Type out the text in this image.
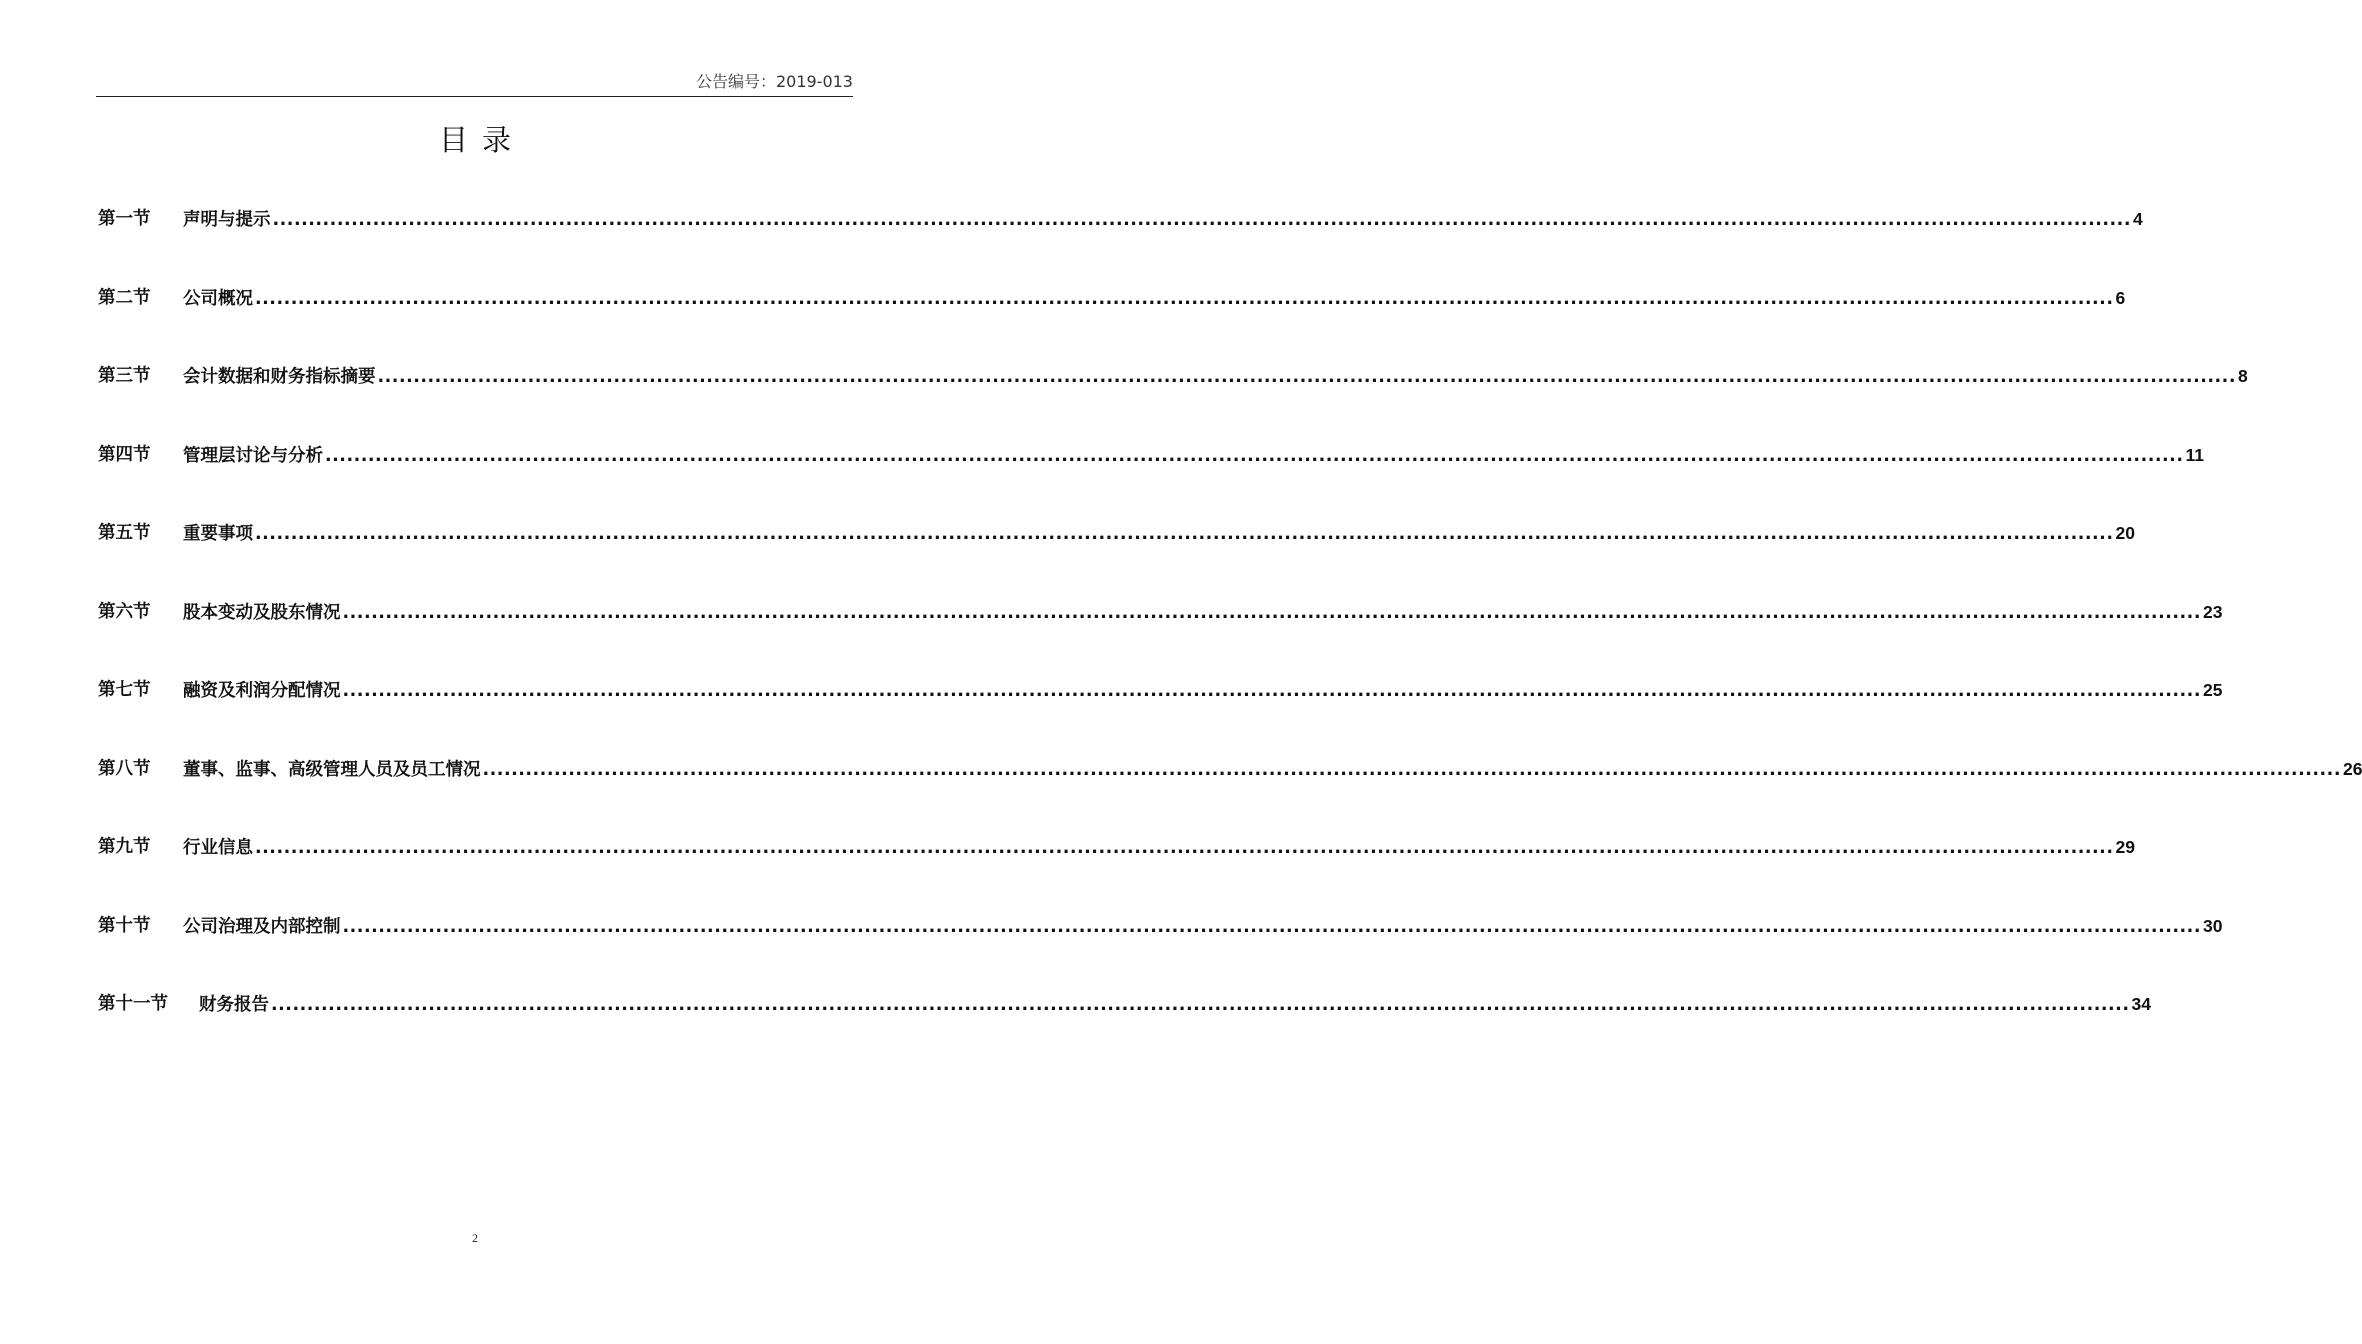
公告编号：2019-013
目录
第一节 声明与提示 .................................................................................................................................................................................................................................................................... 4
第二节 公司概况 .................................................................................................................................................................................................................................................................... 6
第三节 会计数据和财务指标摘要 .................................................................................................................................................................................................................................................................... 8
第四节 管理层讨论与分析 .................................................................................................................................................................................................................................................................... 11
第五节 重要事项 .................................................................................................................................................................................................................................................................... 20
第六节 股本变动及股东情况 .................................................................................................................................................................................................................................................................... 23
第七节 融资及利润分配情况 .................................................................................................................................................................................................................................................................... 25
第八节 董事、监事、高级管理人员及员工情况 .................................................................................................................................................................................................................................................................... 26
第九节 行业信息 .................................................................................................................................................................................................................................................................... 29
第十节 公司治理及内部控制 .................................................................................................................................................................................................................................................................... 30
第十一节 财务报告 .................................................................................................................................................................................................................................................................... 34
2
